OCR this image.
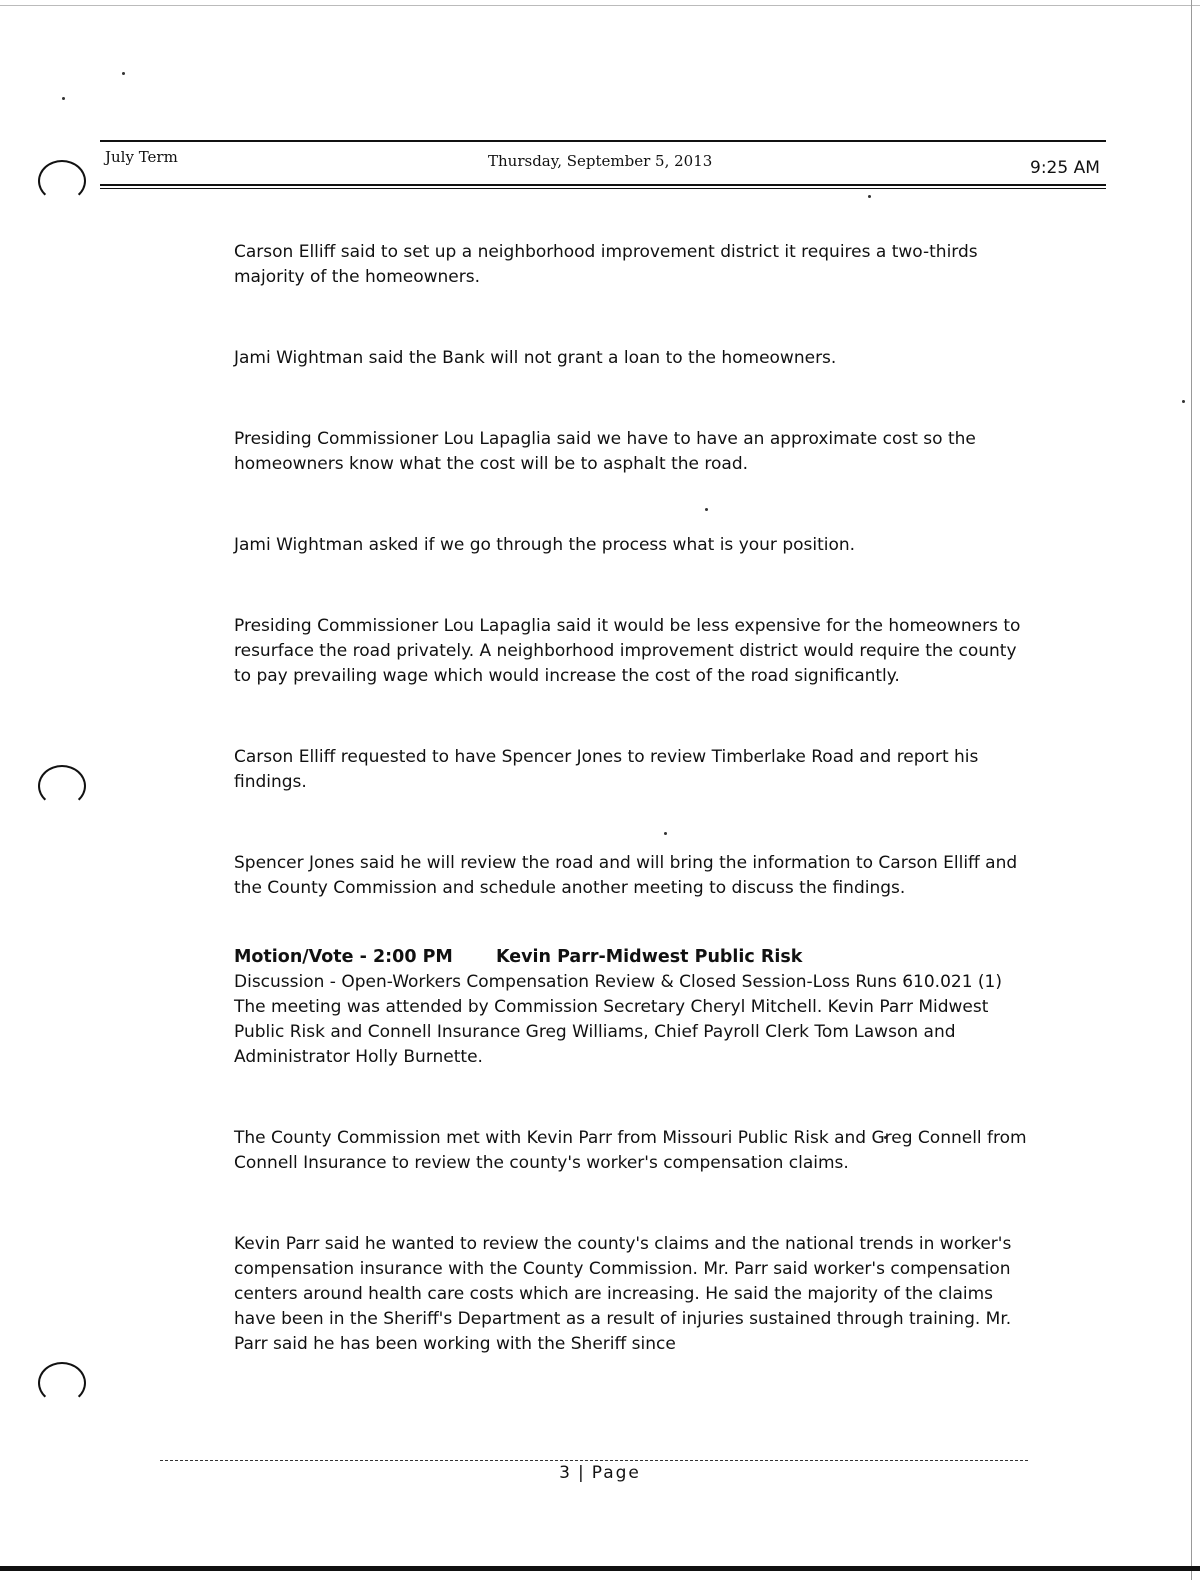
July Term	Thursday, September 5, 2013	9:25 AM

Carson Elliff said to set up a neighborhood improvement district it requires a two-thirds majority of the homeowners.

Jami Wightman said the Bank will not grant a loan to the homeowners.

Presiding Commissioner Lou Lapaglia said we have to have an approximate cost so the homeowners know what the cost will be to asphalt the road.

Jami Wightman asked if we go through the process what is your position.

Presiding Commissioner Lou Lapaglia said it would be less expensive for the homeowners to resurface the road privately. A neighborhood improvement district would require the county to pay prevailing wage which would increase the cost of the road significantly.

Carson Elliff requested to have Spencer Jones to review Timberlake Road and report his findings.

Spencer Jones said he will review the road and will bring the information to Carson Elliff and the County Commission and schedule another meeting to discuss the findings.

Motion/Vote - 2:00 PM	Kevin Parr-Midwest Public Risk

Discussion - Open-Workers Compensation Review & Closed Session-Loss Runs 610.021 (1)

The meeting was attended by Commission Secretary Cheryl Mitchell. Kevin Parr Midwest Public Risk and Connell Insurance Greg Williams, Chief Payroll Clerk Tom Lawson and Administrator Holly Burnette.

The County Commission met with Kevin Parr from Missouri Public Risk and Greg Connell from Connell Insurance to review the county's worker's compensation claims.

Kevin Parr said he wanted to review the county's claims and the national trends in worker's compensation insurance with the County Commission. Mr. Parr said worker's compensation centers around health care costs which are increasing. He said the majority of the claims have been in the Sheriff's Department as a result of injuries sustained through training. Mr. Parr said he has been working with the Sheriff since

3 | Page
